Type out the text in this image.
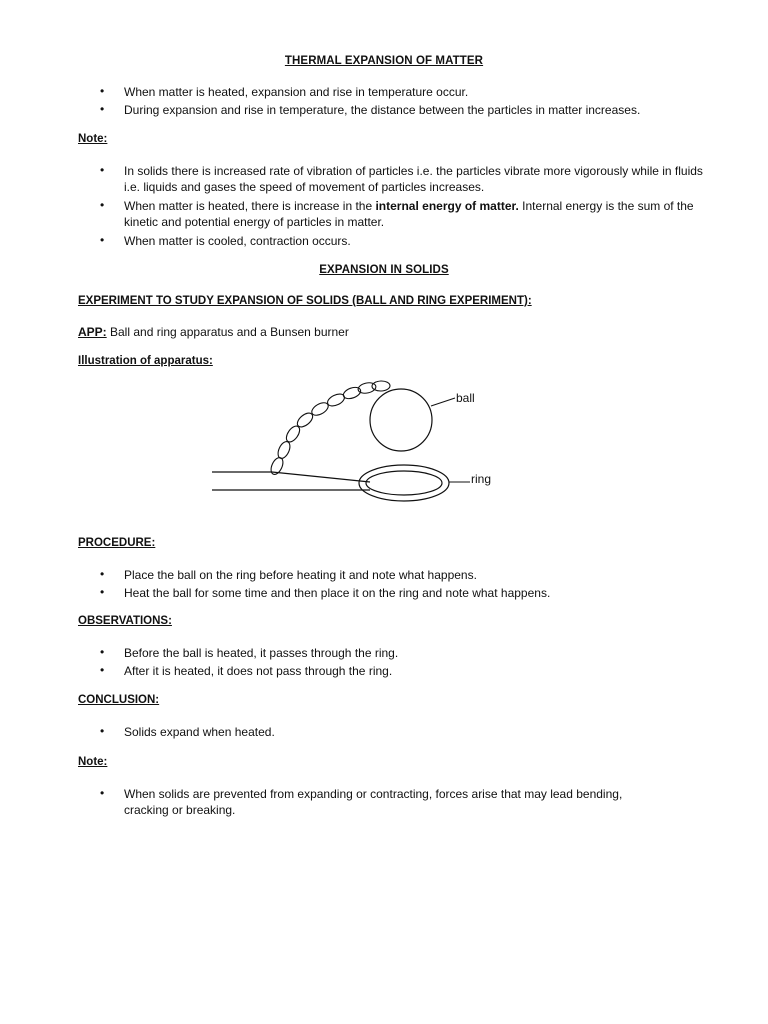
THERMAL EXPANSION OF MATTER
• When matter is heated, expansion and rise in temperature occur.
• During expansion and rise in temperature, the distance between the particles in matter increases.
Note:
• In solids there is increased rate of vibration of particles i.e. the particles vibrate more vigorously while in fluids i.e. liquids and gases the speed of movement of particles increases.
• When matter is heated, there is increase in the internal energy of matter. Internal energy is the sum of the kinetic and potential energy of particles in matter.
• When matter is cooled, contraction occurs.
EXPANSION IN SOLIDS
EXPERIMENT TO STUDY EXPANSION OF SOLIDS (BALL AND RING EXPERIMENT):
APP: Ball and ring apparatus and a Bunsen burner
Illustration of apparatus:
ball
ring
PROCEDURE:
• Place the ball on the ring before heating it and note what happens.
• Heat the ball for some time and then place it on the ring and note what happens.
OBSERVATIONS:
• Before the ball is heated, it passes through the ring.
• After it is heated, it does not pass through the ring.
CONCLUSION:
• Solids expand when heated.
Note:
• When solids are prevented from expanding or contracting, forces arise that may lead bending, cracking or breaking.
